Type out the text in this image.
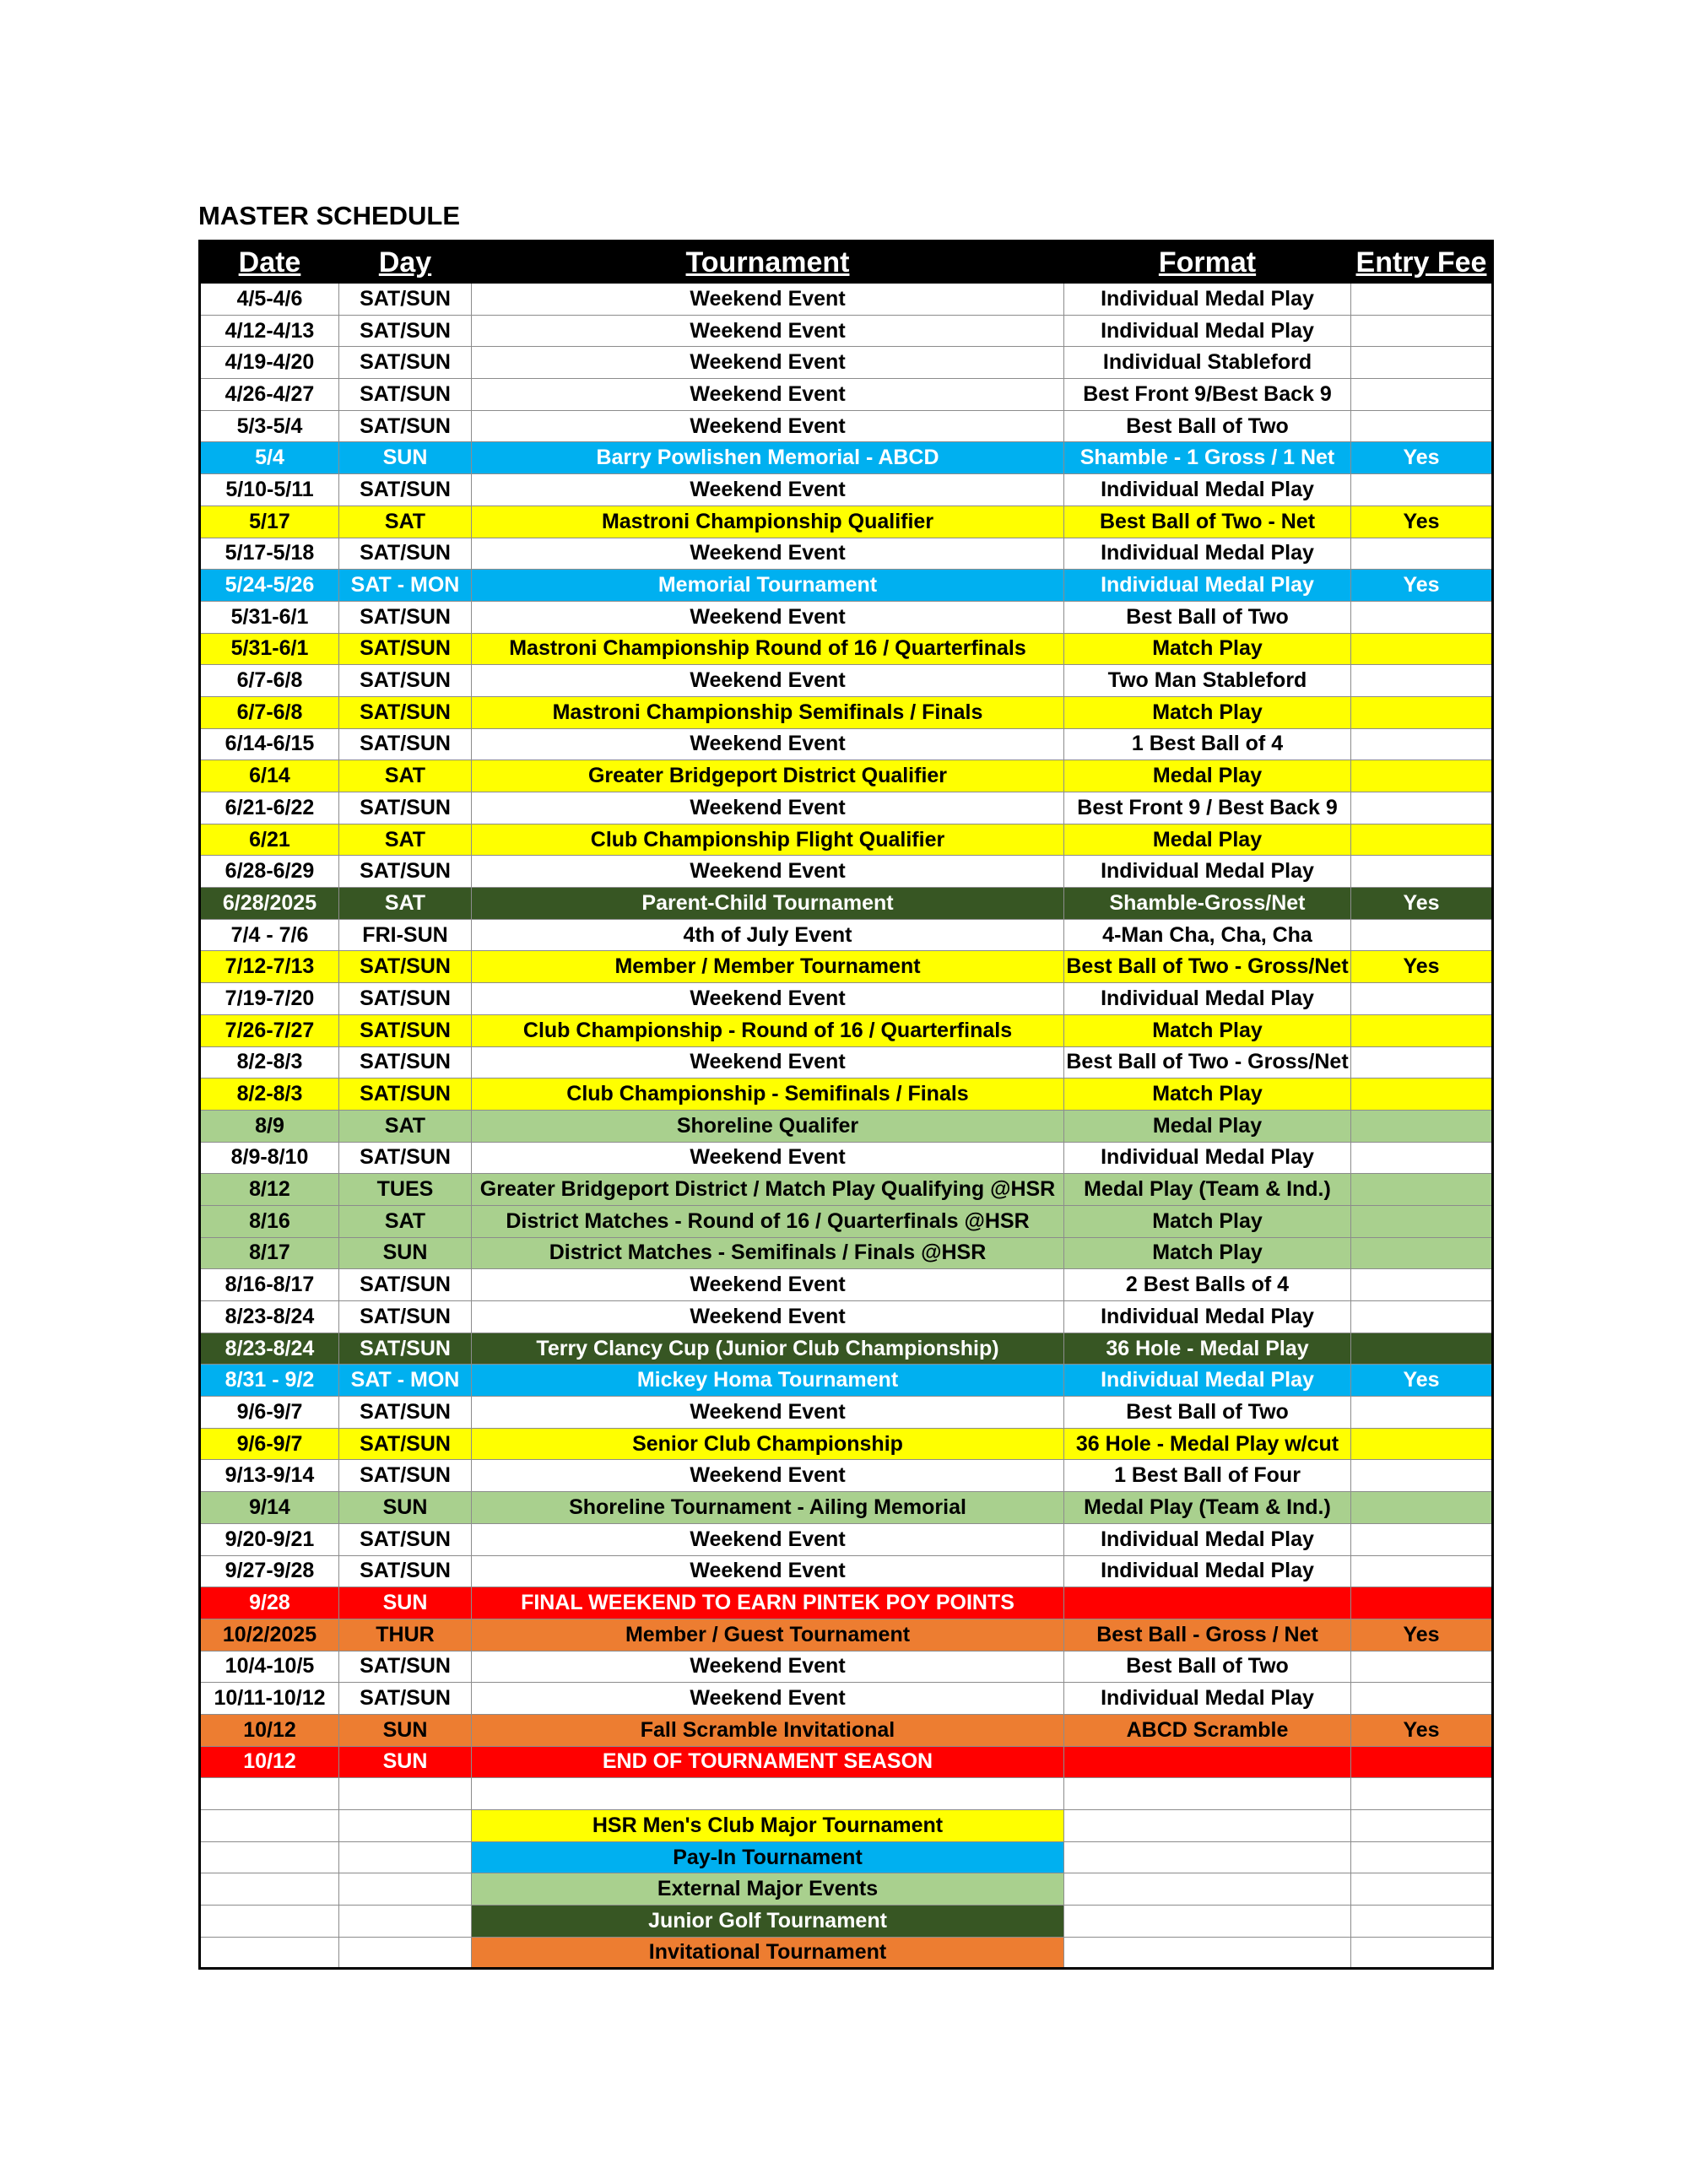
MASTER SCHEDULE
Date	Day	Tournament	Format	Entry Fee
4/5-4/6	SAT/SUN	Weekend Event	Individual Medal Play	
4/12-4/13	SAT/SUN	Weekend Event	Individual Medal Play	
4/19-4/20	SAT/SUN	Weekend Event	Individual Stableford	
4/26-4/27	SAT/SUN	Weekend Event	Best Front 9/Best Back 9	
5/3-5/4	SAT/SUN	Weekend Event	Best Ball of Two	
5/4	SUN	Barry Powlishen Memorial - ABCD	Shamble - 1 Gross / 1 Net	Yes
5/10-5/11	SAT/SUN	Weekend Event	Individual Medal Play	
5/17	SAT	Mastroni Championship Qualifier	Best Ball of Two - Net	Yes
5/17-5/18	SAT/SUN	Weekend Event	Individual Medal Play	
5/24-5/26	SAT - MON	Memorial Tournament	Individual Medal Play	Yes
5/31-6/1	SAT/SUN	Weekend Event	Best Ball of Two	
5/31-6/1	SAT/SUN	Mastroni Championship Round of 16 / Quarterfinals	Match Play	
6/7-6/8	SAT/SUN	Weekend Event	Two Man Stableford	
6/7-6/8	SAT/SUN	Mastroni Championship Semifinals / Finals	Match Play	
6/14-6/15	SAT/SUN	Weekend Event	1 Best Ball of 4	
6/14	SAT	Greater Bridgeport District Qualifier	Medal Play	
6/21-6/22	SAT/SUN	Weekend Event	Best Front 9 / Best Back 9	
6/21	SAT	Club Championship Flight Qualifier	Medal Play	
6/28-6/29	SAT/SUN	Weekend Event	Individual Medal Play	
6/28/2025	SAT	Parent-Child Tournament	Shamble-Gross/Net	Yes
7/4 - 7/6	FRI-SUN	4th of July Event	4-Man Cha, Cha, Cha	
7/12-7/13	SAT/SUN	Member / Member Tournament	Best Ball of Two - Gross/Net	Yes
7/19-7/20	SAT/SUN	Weekend Event	Individual Medal Play	
7/26-7/27	SAT/SUN	Club Championship - Round of 16 / Quarterfinals	Match Play	
8/2-8/3	SAT/SUN	Weekend Event	Best Ball of Two - Gross/Net	
8/2-8/3	SAT/SUN	Club Championship - Semifinals / Finals	Match Play	
8/9	SAT	Shoreline Qualifer	Medal Play	
8/9-8/10	SAT/SUN	Weekend Event	Individual Medal Play	
8/12	TUES	Greater Bridgeport District / Match Play Qualifying @HSR	Medal Play (Team & Ind.)	
8/16	SAT	District Matches - Round of 16 / Quarterfinals @HSR	Match Play	
8/17	SUN	District Matches - Semifinals / Finals @HSR	Match Play	
8/16-8/17	SAT/SUN	Weekend Event	2 Best Balls of 4	
8/23-8/24	SAT/SUN	Weekend Event	Individual Medal Play	
8/23-8/24	SAT/SUN	Terry Clancy Cup (Junior Club Championship)	36 Hole - Medal Play	
8/31 - 9/2	SAT - MON	Mickey Homa Tournament	Individual Medal Play	Yes
9/6-9/7	SAT/SUN	Weekend Event	Best Ball of Two	
9/6-9/7	SAT/SUN	Senior Club Championship	36 Hole - Medal Play w/cut	
9/13-9/14	SAT/SUN	Weekend Event	1 Best Ball of Four	
9/14	SUN	Shoreline Tournament - Ailing Memorial	Medal Play (Team & Ind.)	
9/20-9/21	SAT/SUN	Weekend Event	Individual Medal Play	
9/27-9/28	SAT/SUN	Weekend Event	Individual Medal Play	
9/28	SUN	FINAL WEEKEND TO EARN PINTEK POY POINTS		
10/2/2025	THUR	Member / Guest Tournament	Best Ball - Gross / Net	Yes
10/4-10/5	SAT/SUN	Weekend Event	Best Ball of Two	
10/11-10/12	SAT/SUN	Weekend Event	Individual Medal Play	
10/12	SUN	Fall Scramble Invitational	ABCD Scramble	Yes
10/12	SUN	END OF TOURNAMENT SEASON		

		HSR Men's Club Major Tournament		
		Pay-In Tournament		
		External Major Events		
		Junior Golf Tournament		
		Invitational Tournament		
